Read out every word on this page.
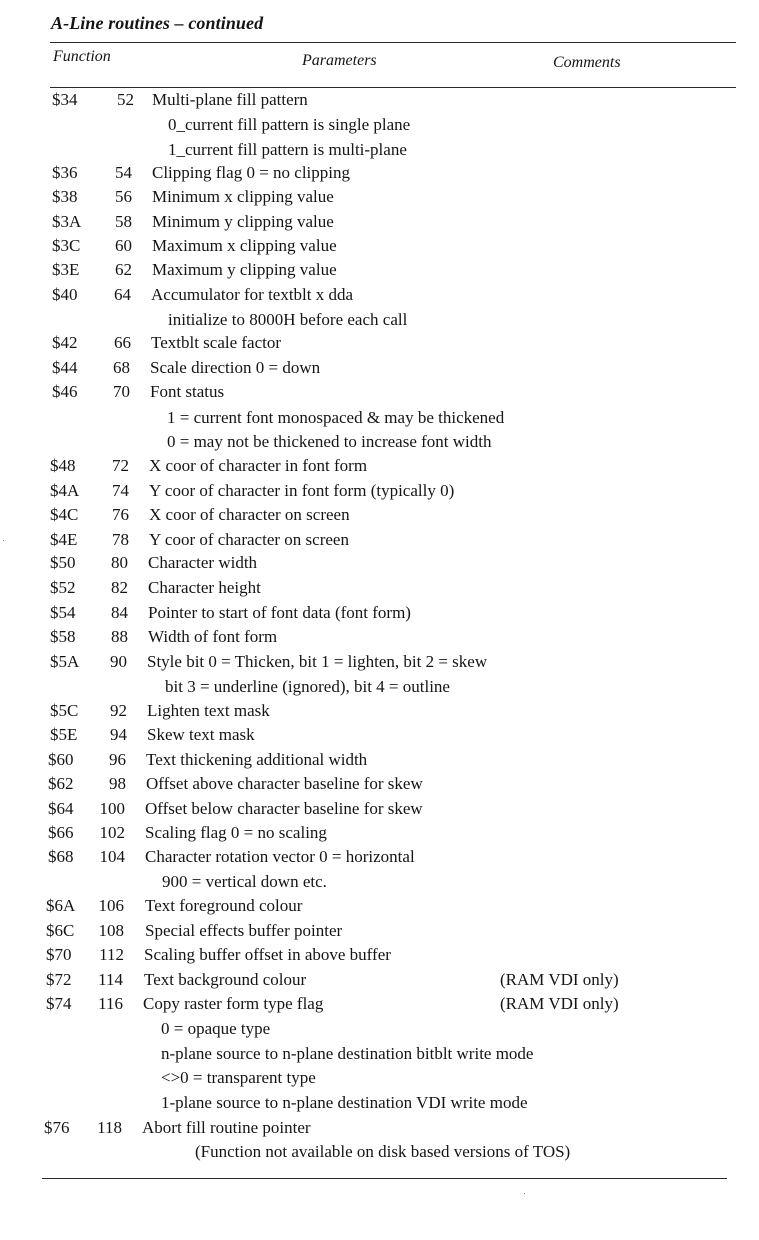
A-Line routines – continued
Function	Parameters	Comments
$34	52 Multi-plane fill pattern
0_current fill pattern is single plane
1_current fill pattern is multi-plane
$36	54 Clipping flag 0 = no clipping
$38	56 Minimum x clipping value
$3A	58 Minimum y clipping value
$3C	60 Maximum x clipping value
$3E	62 Maximum y clipping value
$40	64 Accumulator for textblt x dda
initialize to 8000H before each call
$42	66 Textblt scale factor
$44	68 Scale direction 0 = down
$46	70 Font status
1 = current font monospaced & may be thickened
0 = may not be thickened to increase font width
$48	72 X coor of character in font form
$4A	74 Y coor of character in font form (typically 0)
$4C	76 X coor of character on screen
$4E	78 Y coor of character on screen
$50	80 Character width
$52	82 Character height
$54	84 Pointer to start of font data (font form)
$58	88 Width of font form
$5A	90 Style bit 0 = Thicken, bit 1 = lighten, bit 2 = skew
bit 3 = underline (ignored), bit 4 = outline
$5C	92 Lighten text mask
$5E	94 Skew text mask
$60	96 Text thickening additional width
$62	98 Offset above character baseline for skew
$64	100 Offset below character baseline for skew
$66	102 Scaling flag 0 = no scaling
$68	104 Character rotation vector 0 = horizontal
900 = vertical down etc.
$6A	106 Text foreground colour
$6C	108 Special effects buffer pointer
$70	112 Scaling buffer offset in above buffer
$72	114 Text background colour	(RAM VDI only)
$74	116 Copy raster form type flag	(RAM VDI only)
0 = opaque type
n-plane source to n-plane destination bitblt write mode
<>0 = transparent type
1-plane source to n-plane destination VDI write mode
$76	118 Abort fill routine pointer
(Function not available on disk based versions of TOS)
